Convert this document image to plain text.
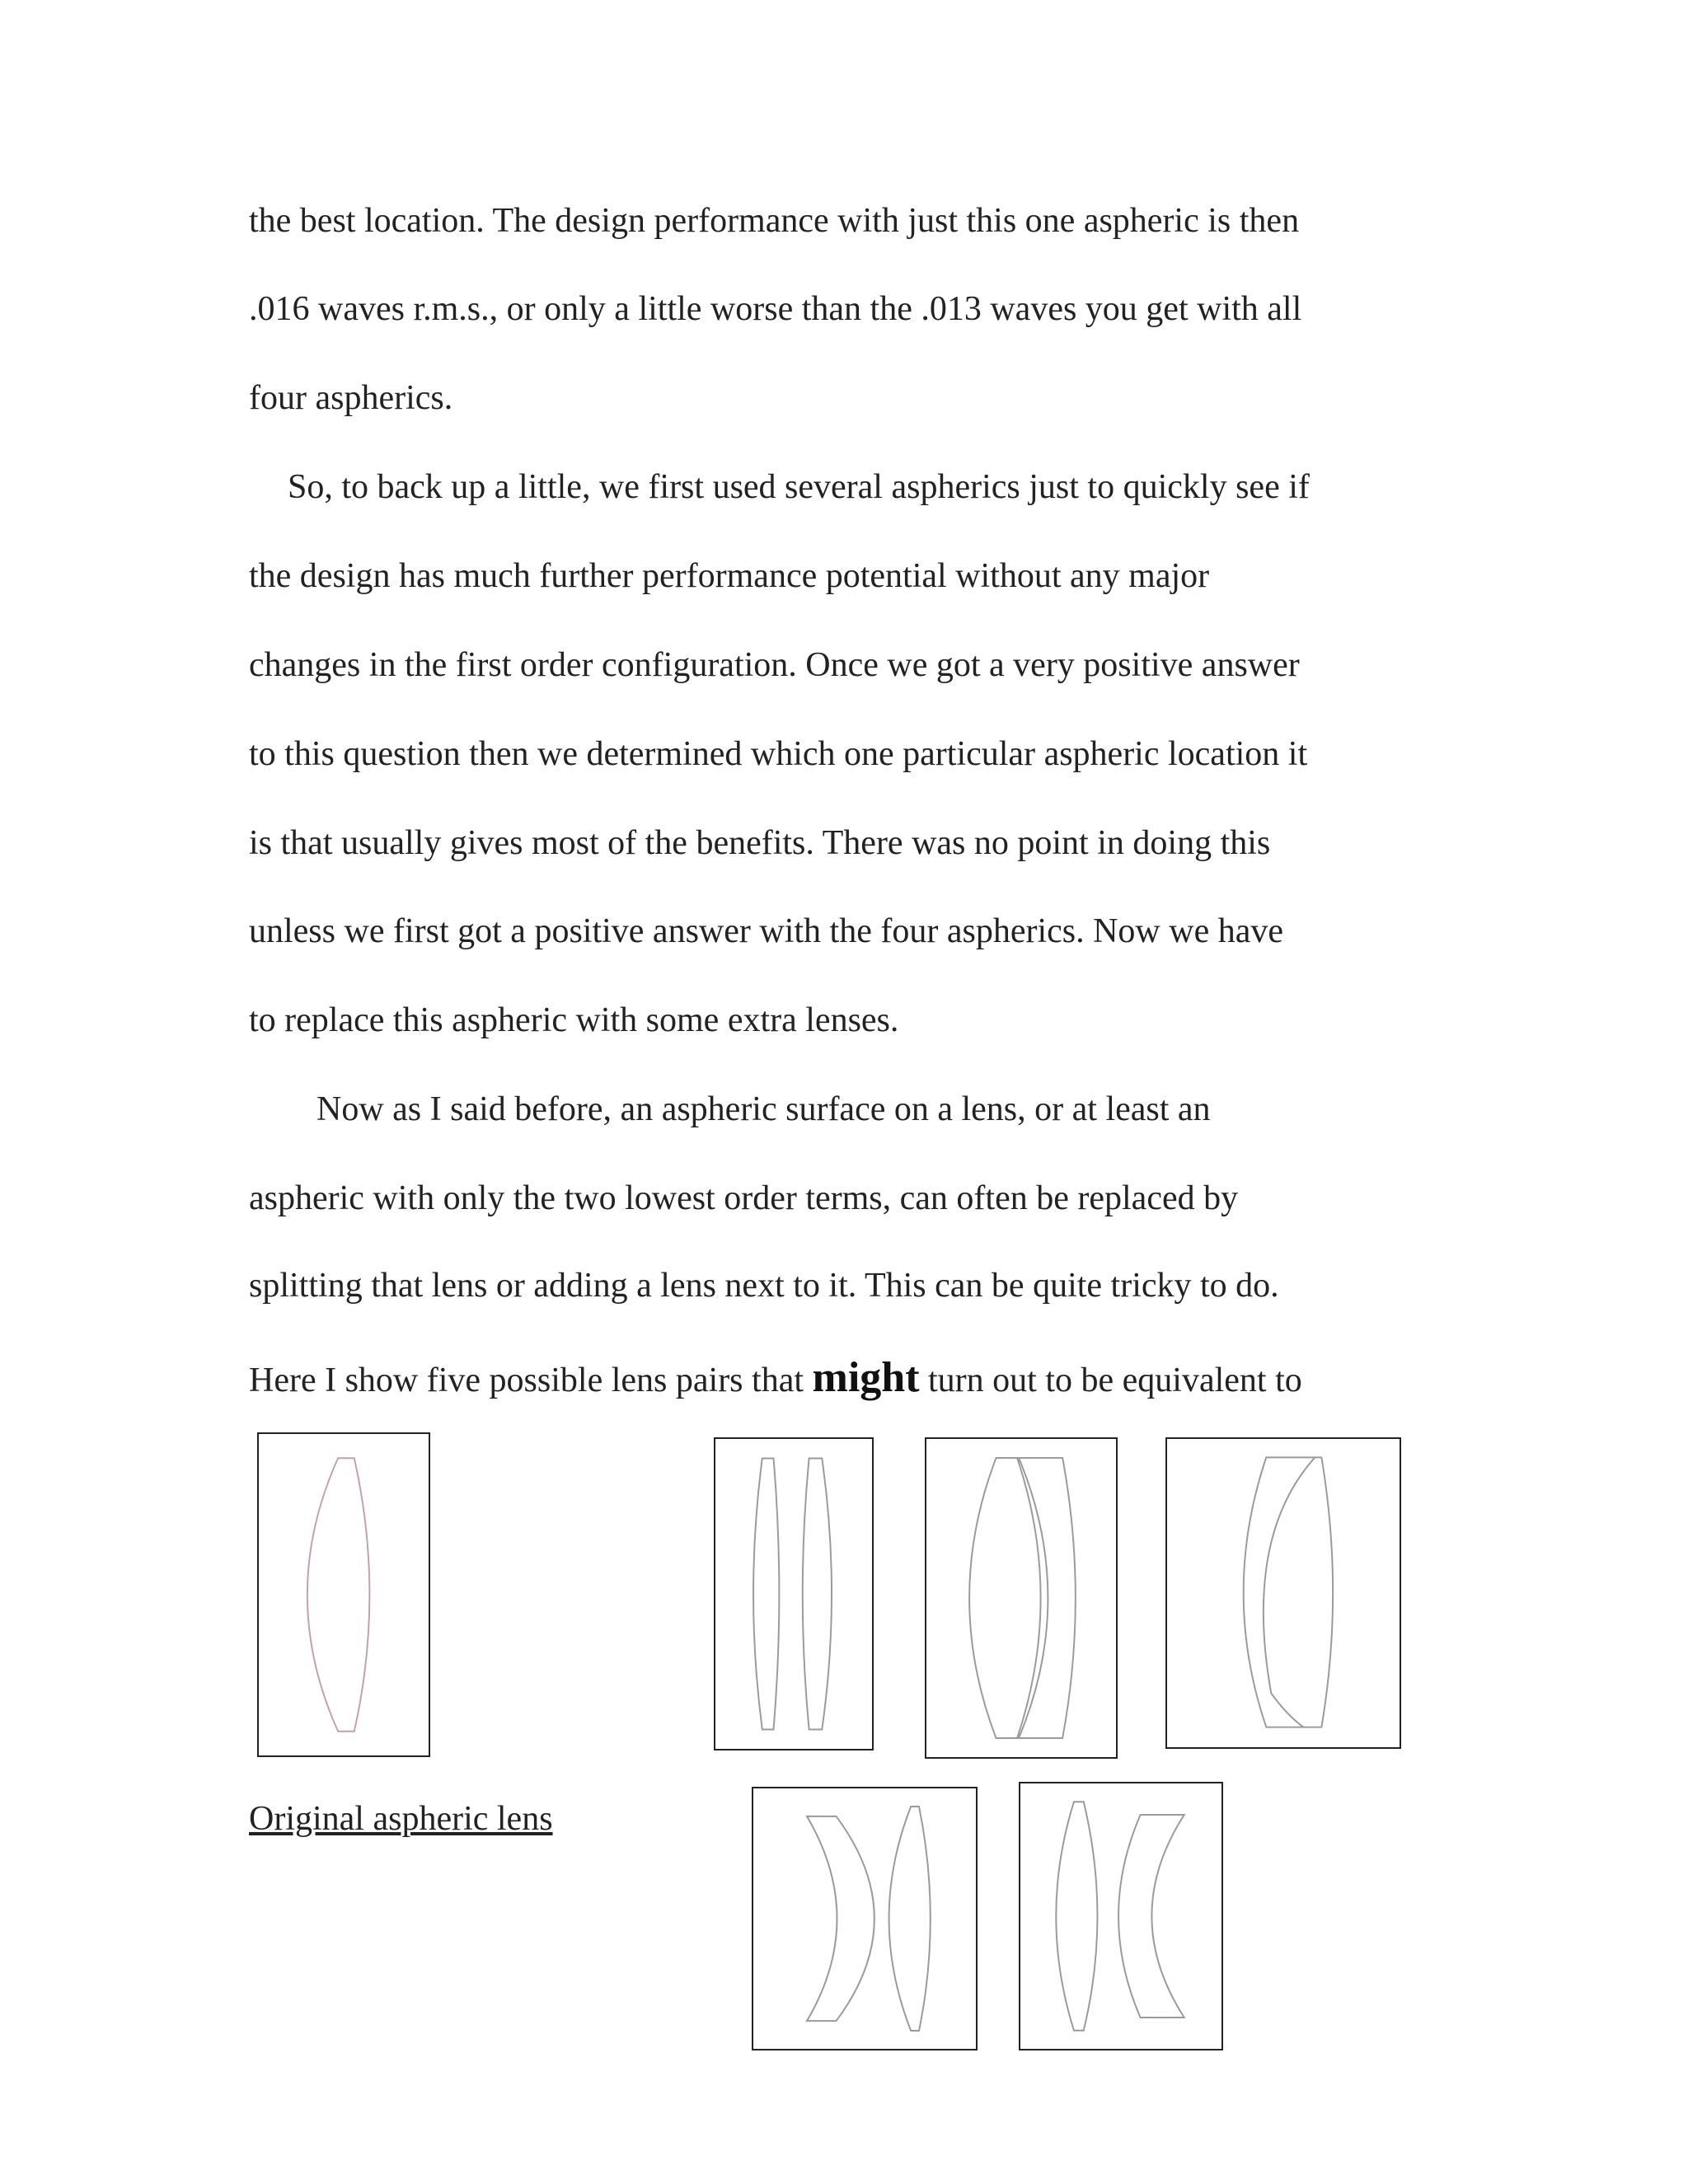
the best location. The design performance with just this one aspheric is then

.016 waves r.m.s., or only a little worse than the .013 waves you get with all

four aspherics.

So, to back up a little, we first used several aspherics just to quickly see if

the design has much further performance potential without any major

changes in the first order configuration. Once we got a very positive answer

to this question then we determined which one particular aspheric location it

is that usually gives most of the benefits. There was no point in doing this

unless we first got a positive answer with the four aspherics. Now we have

to replace this aspheric with some extra lenses.

Now as I said before, an aspheric surface on a lens, or at least an

aspheric with only the two lowest order terms, can often be replaced by

splitting that lens or adding a lens next to it. This can be quite tricky to do.

Here I show five possible lens pairs that might turn out to be equivalent to

Original aspheric lens
